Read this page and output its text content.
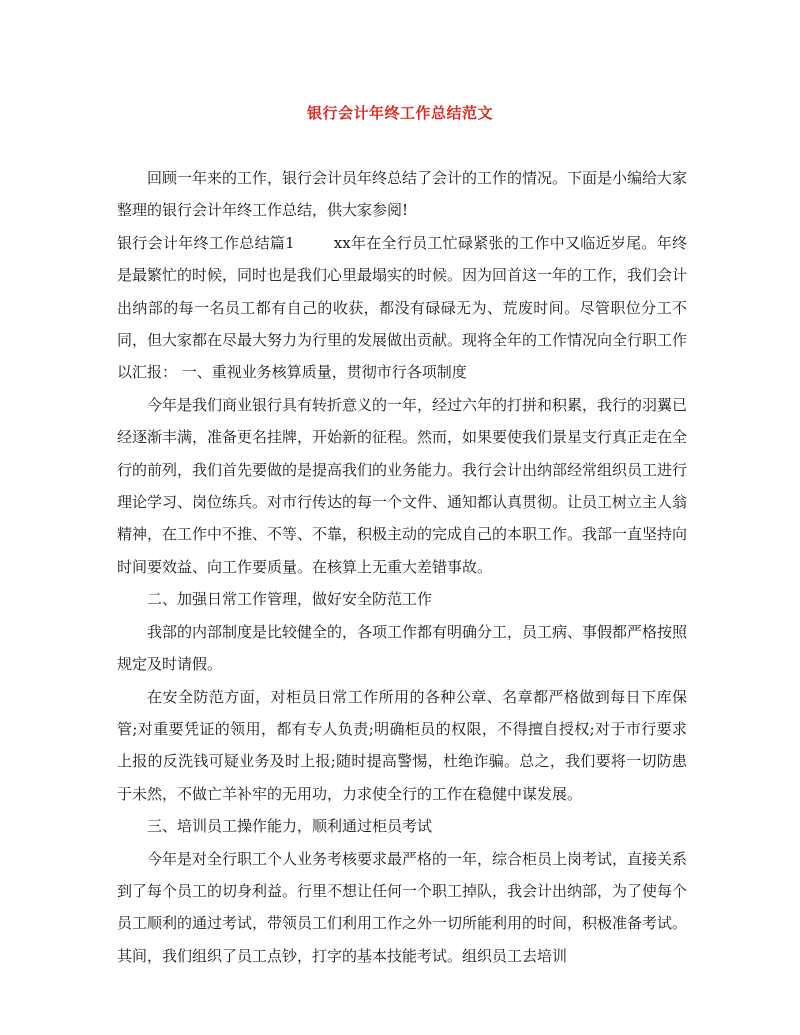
银行会计年终工作总结范文

回顾一年来的工作，银行会计员年终总结了会计的工作的情况。下面是小编给大家整理的银行会计年终工作总结，供大家参阅!

银行会计年终工作总结篇1	xx年在全行员工忙碌紧张的工作中又临近岁尾。年终是最繁忙的时候，同时也是我们心里最塌实的时候。因为回首这一年的工作，我们会计出纳部的每一名员工都有自己的收获，都没有碌碌无为、荒废时间。尽管职位分工不同，但大家都在尽最大努力为行里的发展做出贡献。现将全年的工作情况向全行职工作以汇报： 一、重视业务核算质量，贯彻市行各项制度

今年是我们商业银行具有转折意义的一年，经过六年的打拼和积累，我行的羽翼已经逐渐丰满，准备更名挂牌，开始新的征程。然而，如果要使我们景星支行真正走在全行的前列，我们首先要做的是提高我们的业务能力。我行会计出纳部经常组织员工进行理论学习、岗位练兵。对市行传达的每一个文件、通知都认真贯彻。让员工树立主人翁精神，在工作中不推、不等、不靠，积极主动的完成自己的本职工作。我部一直坚持向时间要效益、向工作要质量。在核算上无重大差错事故。

二、加强日常工作管理，做好安全防范工作

我部的内部制度是比较健全的，各项工作都有明确分工，员工病、事假都严格按照规定及时请假。

在安全防范方面，对柜员日常工作所用的各种公章、名章都严格做到每日下库保管;对重要凭证的领用，都有专人负责;明确柜员的权限，不得擅自授权;对于市行要求上报的反洗钱可疑业务及时上报;随时提高警惕，杜绝诈骗。总之，我们要将一切防患于未然，不做亡羊补牢的无用功，力求使全行的工作在稳健中谋发展。

三、培训员工操作能力，顺利通过柜员考试

今年是对全行职工个人业务考核要求最严格的一年，综合柜员上岗考试，直接关系到了每个员工的切身利益。行里不想让任何一个职工掉队，我会计出纳部，为了使每个员工顺利的通过考试，带领员工们利用工作之外一切所能利用的时间，积极准备考试。其间，我们组织了员工点钞，打字的基本技能考试。组织员工去培训
